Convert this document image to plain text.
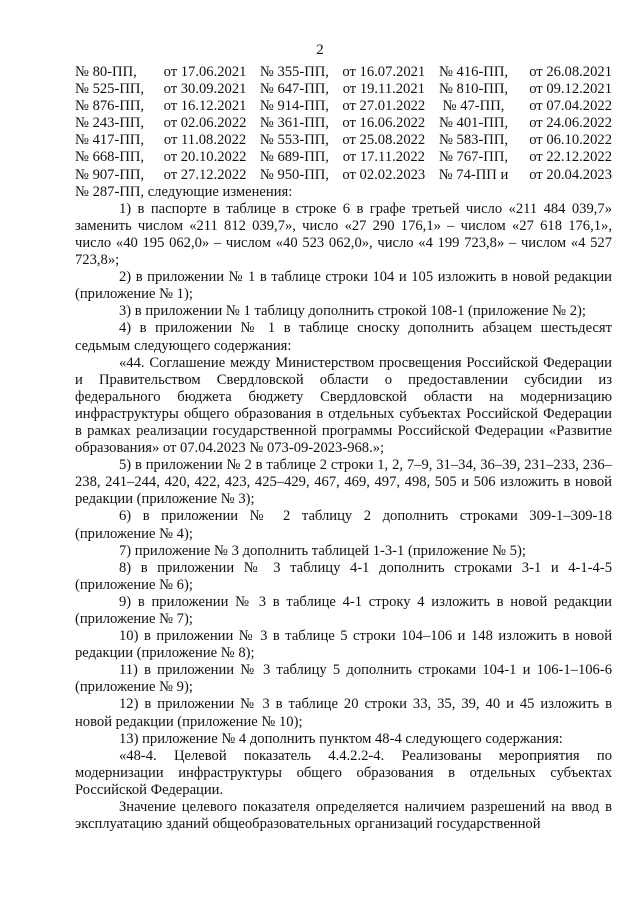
2
№ 80-ПП,	от 17.06.2021	№ 355-ПП,	от 16.07.2021	№ 416-ПП,	от 26.08.2021
№ 525-ПП,	от 30.09.2021	№ 647-ПП,	от 19.11.2021	№ 810-ПП,	от 09.12.2021
№ 876-ПП,	от 16.12.2021	№ 914-ПП,	от 27.01.2022	№ 47-ПП,	от 07.04.2022
№ 243-ПП,	от 02.06.2022	№ 361-ПП,	от 16.06.2022	№ 401-ПП,	от 24.06.2022
№ 417-ПП,	от 11.08.2022	№ 553-ПП,	от 25.08.2022	№ 583-ПП,	от 06.10.2022
№ 668-ПП,	от 20.10.2022	№ 689-ПП,	от 17.11.2022	№ 767-ПП,	от 22.12.2022
№ 907-ПП,	от 27.12.2022	№ 950-ПП,	от 02.02.2023	№ 74-ПП и	от 20.04.2023

№ 287-ПП, следующие изменения:

1) в паспорте в таблице в строке 6 в графе третьей число «211 484 039,7» заменить числом «211 812 039,7», число «27 290 176,1» – числом «27 618 176,1», число «40 195 062,0» – числом «40 523 062,0», число «4 199 723,8» – числом «4 527 723,8»;

2) в приложении № 1 в таблице строки 104 и 105 изложить в новой редакции (приложение № 1);

3) в приложении № 1 таблицу дополнить строкой 108-1 (приложение № 2);

4) в приложении № 1 в таблице сноску дополнить абзацем шестьдесят седьмым следующего содержания:

«44. Соглашение между Министерством просвещения Российской Федерации и Правительством Свердловской области о предоставлении субсидии из федерального бюджета бюджету Свердловской области на модернизацию инфраструктуры общего образования в отдельных субъектах Российской Федерации в рамках реализации государственной программы Российской Федерации «Развитие образования» от 07.04.2023 № 073-09-2023-968.»;

5) в приложении № 2 в таблице 2 строки 1, 2, 7–9, 31–34, 36–39, 231–233, 236–238, 241–244, 420, 422, 423, 425–429, 467, 469, 497, 498, 505 и 506 изложить в новой редакции (приложение № 3);

6) в приложении № 2 таблицу 2 дополнить строками 309-1–309-18 (приложение № 4);

7) приложение № 3 дополнить таблицей 1-3-1 (приложение № 5);

8) в приложении № 3 таблицу 4-1 дополнить строками 3-1 и 4-1-4-5 (приложение № 6);

9) в приложении № 3 в таблице 4-1 строку 4 изложить в новой редакции (приложение № 7);

10) в приложении № 3 в таблице 5 строки 104–106 и 148 изложить в новой редакции (приложение № 8);

11) в приложении № 3 таблицу 5 дополнить строками 104-1 и 106-1–106-6 (приложение № 9);

12) в приложении № 3 в таблице 20 строки 33, 35, 39, 40 и 45 изложить в новой редакции (приложение № 10);

13) приложение № 4 дополнить пунктом 48-4 следующего содержания:

«48-4. Целевой показатель 4.4.2.2-4. Реализованы мероприятия по модернизации инфраструктуры общего образования в отдельных субъектах Российской Федерации.

Значение целевого показателя определяется наличием разрешений на ввод в эксплуатацию зданий общеобразовательных организаций государственной
